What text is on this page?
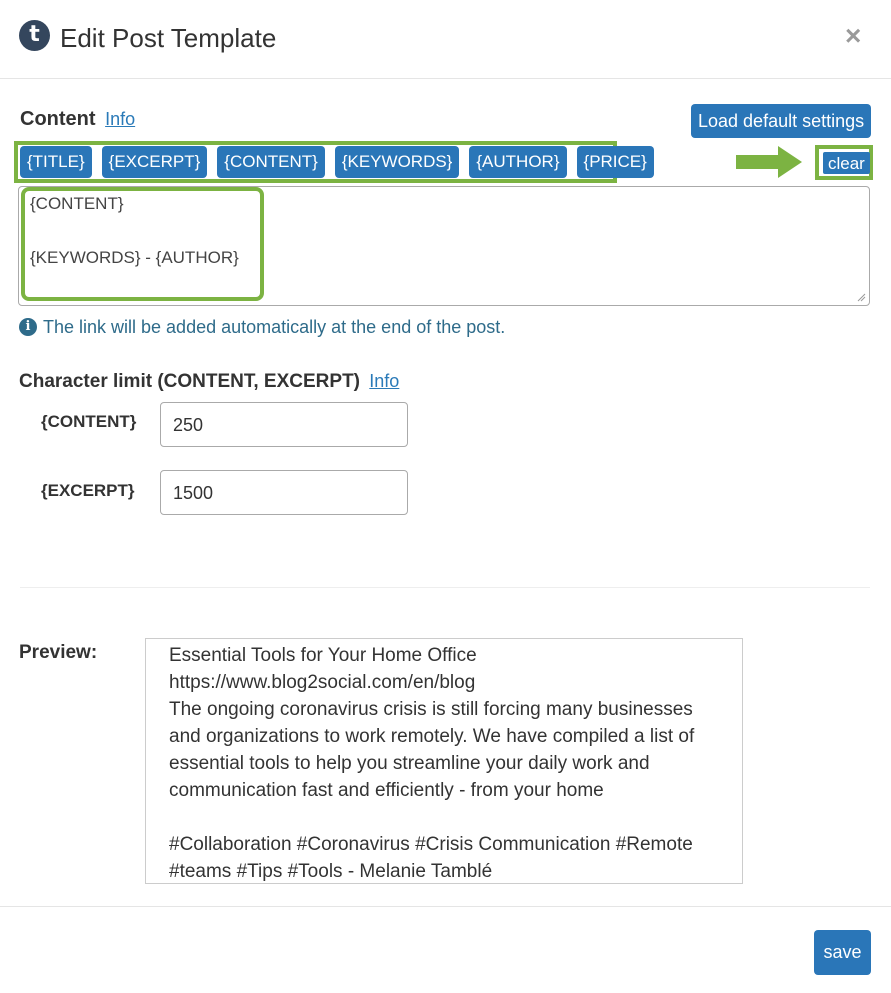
t Edit Post Template	×
Content Info	Load default settings
{TITLE}	{EXCERPT}	{CONTENT}	{KEYWORDS}	{AUTHOR}	{PRICE}	clear
{CONTENT}
{KEYWORDS} - {AUTHOR}
i The link will be added automatically at the end of the post.
Character limit (CONTENT, EXCERPT) Info
{CONTENT}	250
{EXCERPT}	1500
Preview:	Essential Tools for Your Home Office
https://www.blog2social.com/en/blog
The ongoing coronavirus crisis is still forcing many businesses
and organizations to work remotely. We have compiled a list of
essential tools to help you streamline your daily work and
communication fast and efficiently - from your home
#Collaboration #Coronavirus #Crisis Communication #Remote
#teams #Tips #Tools - Melanie Tamblé
save
